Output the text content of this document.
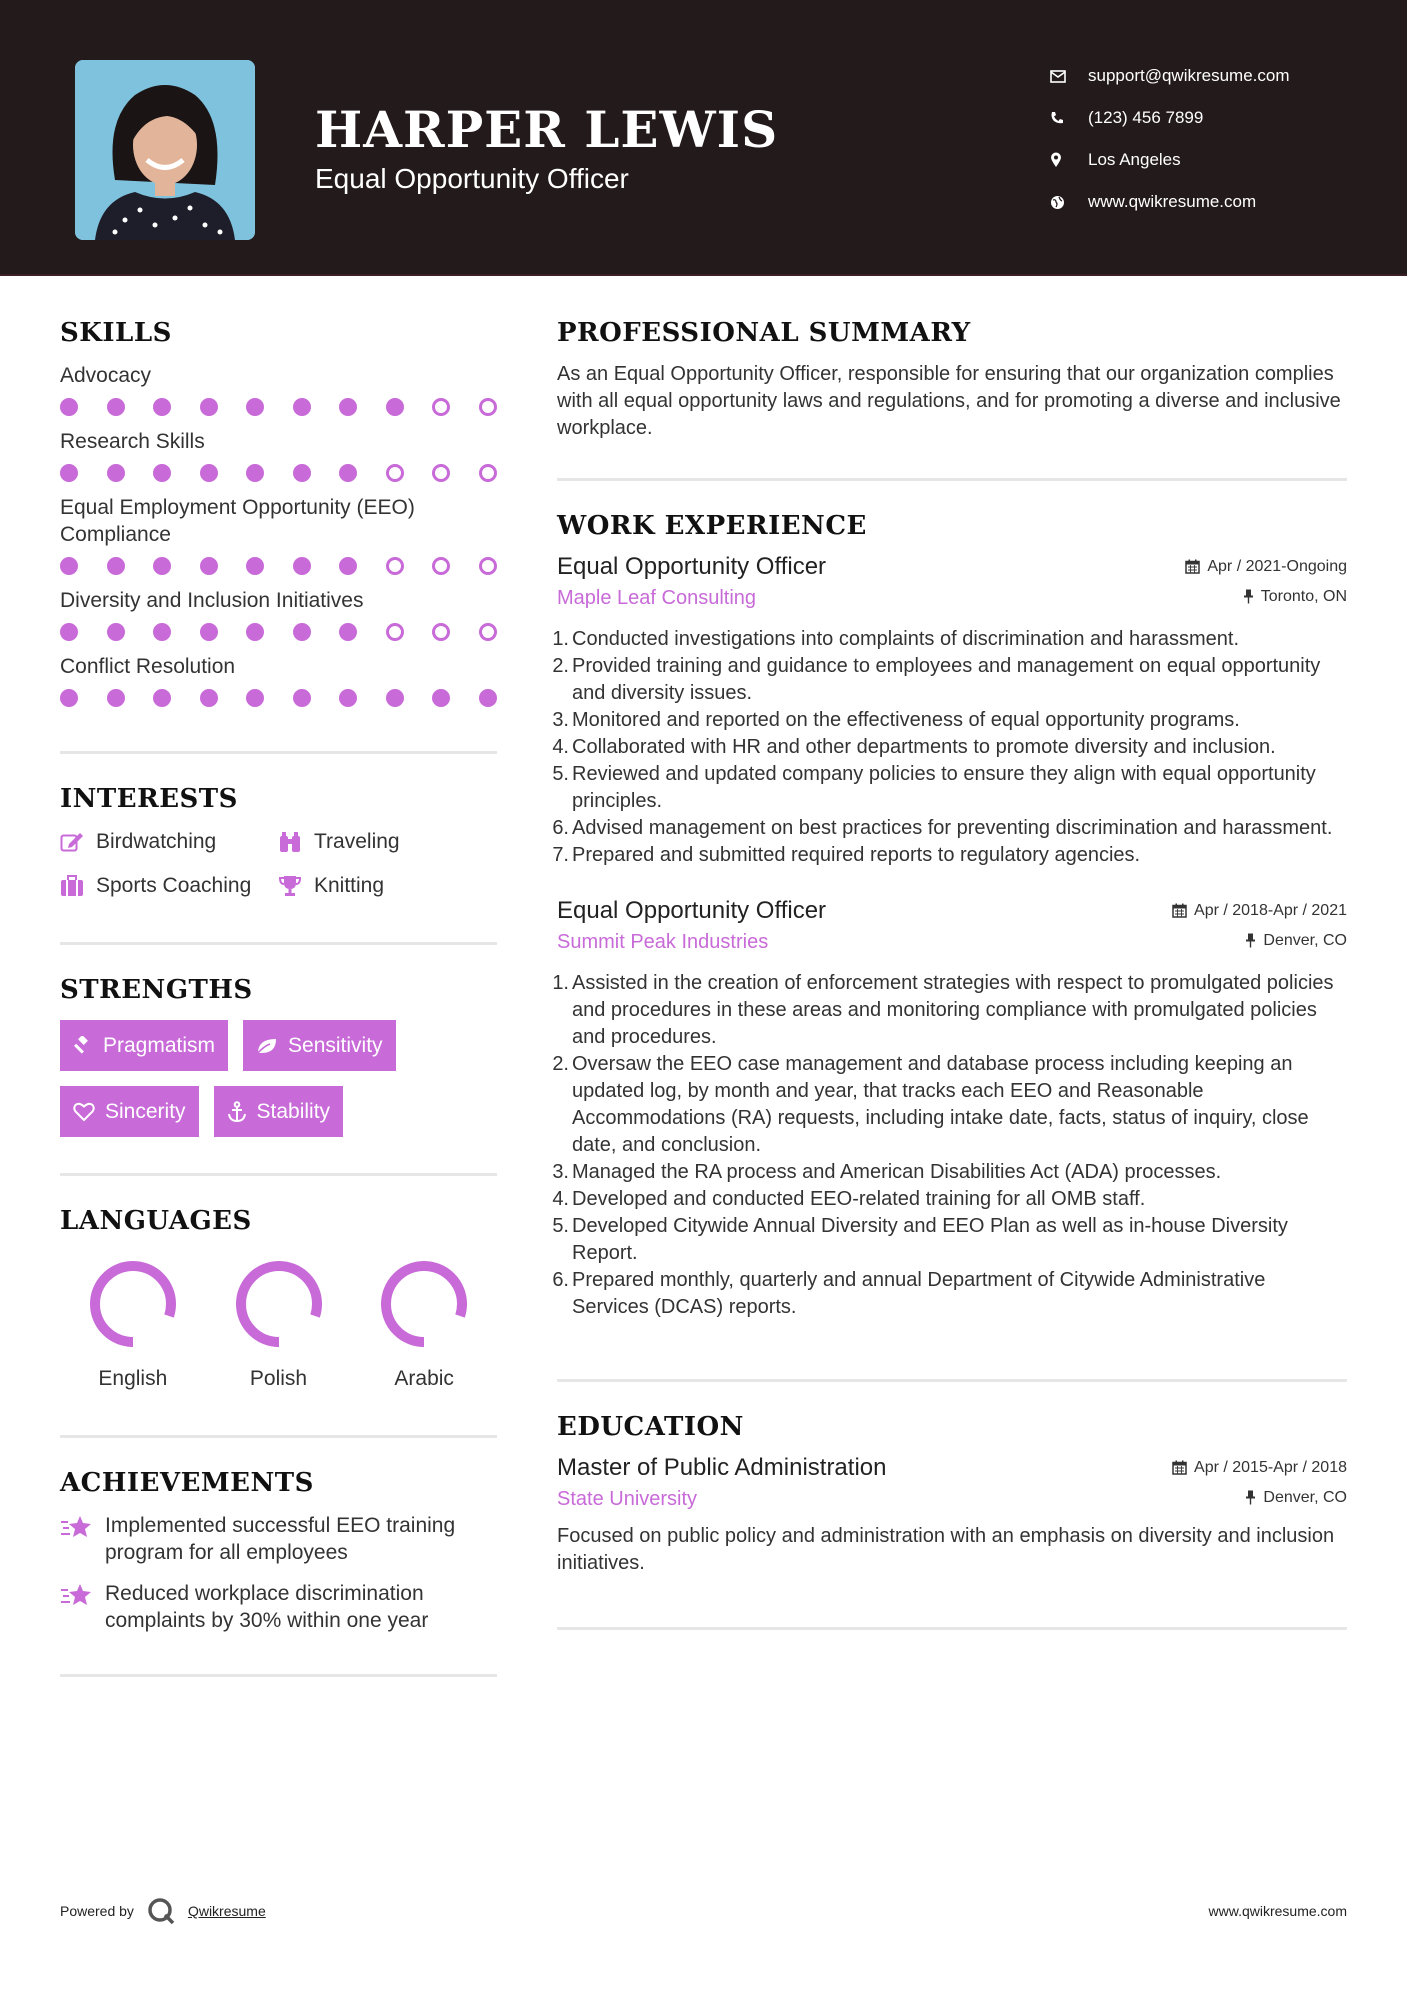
HARPER LEWIS
Equal Opportunity Officer
support@qwikresume.com
(123) 456 7899
Los Angeles
www.qwikresume.com
SKILLS
Advocacy
Research Skills
Equal Employment Opportunity (EEO) Compliance
Diversity and Inclusion Initiatives
Conflict Resolution
INTERESTS
Birdwatching	Traveling
Sports Coaching	Knitting
STRENGTHS
Pragmatism	Sensitivity
Sincerity	Stability
LANGUAGES
English	Polish	Arabic
ACHIEVEMENTS
Implemented successful EEO training program for all employees
Reduced workplace discrimination complaints by 30% within one year
PROFESSIONAL SUMMARY
As an Equal Opportunity Officer, responsible for ensuring that our organization complies with all equal opportunity laws and regulations, and for promoting a diverse and inclusive workplace.
WORK EXPERIENCE
Equal Opportunity Officer	Apr / 2021-Ongoing
Maple Leaf Consulting	Toronto, ON
1. Conducted investigations into complaints of discrimination and harassment.
2. Provided training and guidance to employees and management on equal opportunity and diversity issues.
3. Monitored and reported on the effectiveness of equal opportunity programs.
4. Collaborated with HR and other departments to promote diversity and inclusion.
5. Reviewed and updated company policies to ensure they align with equal opportunity principles.
6. Advised management on best practices for preventing discrimination and harassment.
7. Prepared and submitted required reports to regulatory agencies.
Equal Opportunity Officer	Apr / 2018-Apr / 2021
Summit Peak Industries	Denver, CO
1. Assisted in the creation of enforcement strategies with respect to promulgated policies and procedures in these areas and monitoring compliance with promulgated policies and procedures.
2. Oversaw the EEO case management and database process including keeping an updated log, by month and year, that tracks each EEO and Reasonable Accommodations (RA) requests, including intake date, facts, status of inquiry, close date, and conclusion.
3. Managed the RA process and American Disabilities Act (ADA) processes.
4. Developed and conducted EEO-related training for all OMB staff.
5. Developed Citywide Annual Diversity and EEO Plan as well as in-house Diversity Report.
6. Prepared monthly, quarterly and annual Department of Citywide Administrative Services (DCAS) reports.
EDUCATION
Master of Public Administration	Apr / 2015-Apr / 2018
State University	Denver, CO
Focused on public policy and administration with an emphasis on diversity and inclusion initiatives.
Powered by	Qwikresume	www.qwikresume.com
